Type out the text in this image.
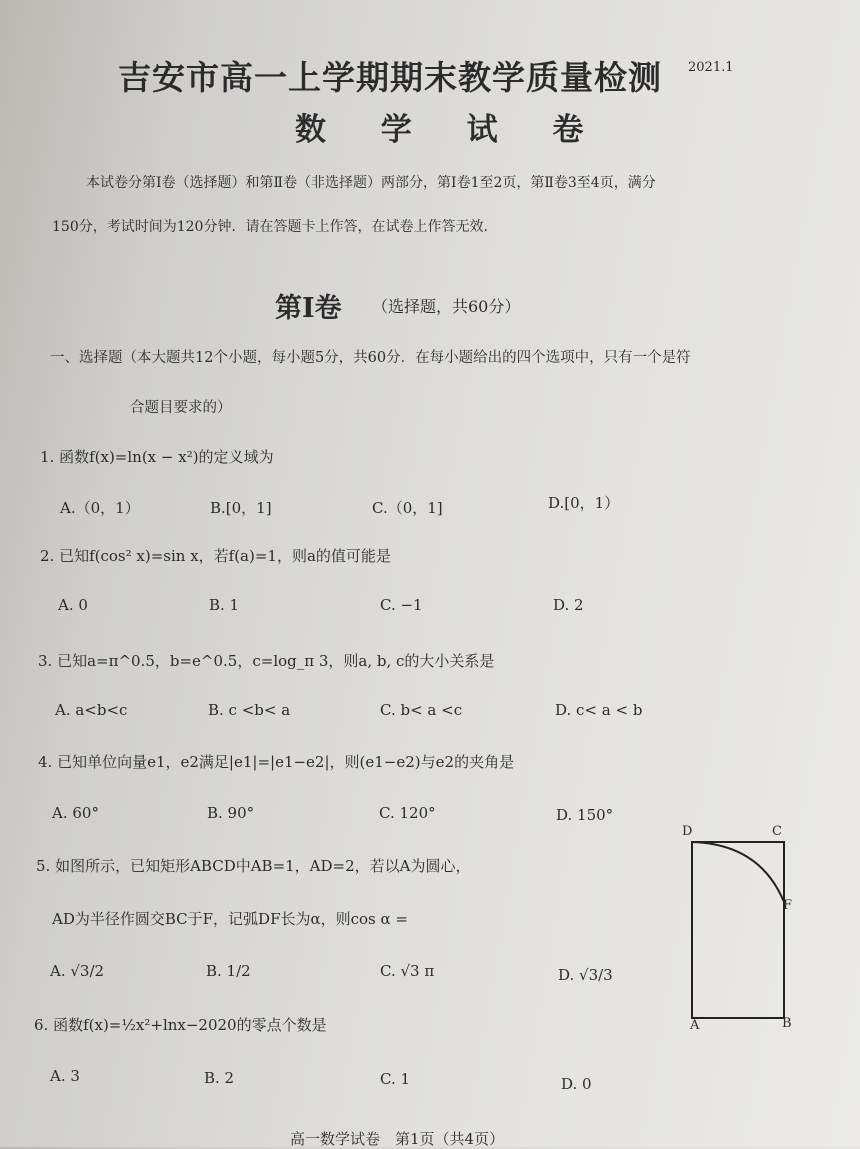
吉安市高一上学期期末教学质量检测 2021.1
数 学 试 卷
本试卷分第Ⅰ卷（选择题）和第Ⅱ卷（非选择题）两部分，第Ⅰ卷1至2页，第Ⅱ卷3至4页，满分
150分，考试时间为120分钟．请在答题卡上作答，在试卷上作答无效．
第Ⅰ卷 （选择题，共60分）
一、选择题（本大题共12个小题，每小题5分，共60分．在每小题给出的四个选项中，只有一个是符
合题目要求的）
1. 函数f(x)=ln(x − x²)的定义域为
A.（0，1）	B.[0，1]	C.（0，1]	D.[0，1）
2. 已知f(cos² x)=sin x，若f(a)=1，则a的值可能是
A. 0	B. 1	C. −1	D. 2
3. 已知a=π^0.5，b=e^0.5，c=log_π 3，则a, b, c的大小关系是
A. a<b<c	B. c <b< a	C. b< a <c	D. c< a < b
4. 已知单位向量e1，e2满足|e1|=|e1−e2|，则(e1−e2)与e2的夹角是
A. 60°	B. 90°	C. 120°	D. 150°
5. 如图所示，已知矩形ABCD中AB=1，AD=2，若以A为圆心，
AD为半径作圆交BC于F，记弧DF长为α，则cos α =
A. √3/2	B. 1/2	C. √3 π	D. √3/3
6. 函数f(x)=½x²+lnx−2020的零点个数是
A. 3	B. 2	C. 1	D. 0
D	C
F
A	B
高一数学试卷　第1页（共4页）
